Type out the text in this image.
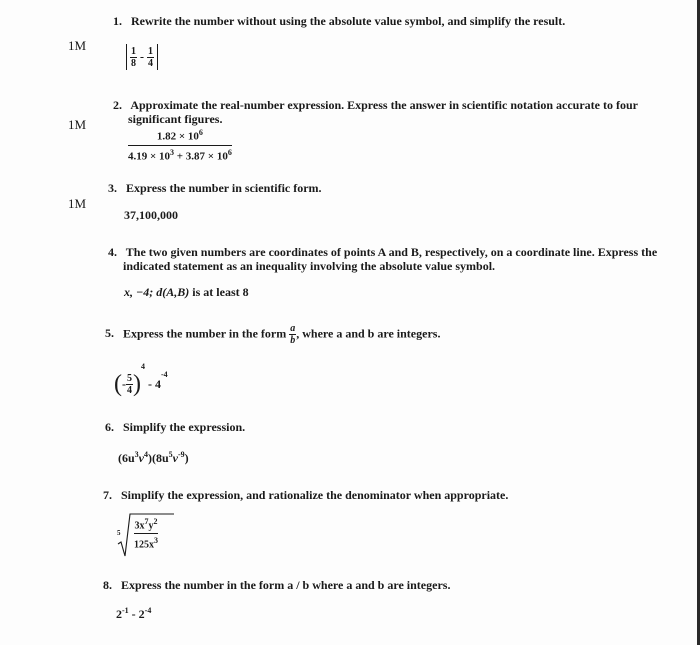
1M
1M
1M
1. Rewrite the number without using the absolute value symbol, and simplify the result.

$\frac{1}{8} - \frac{1}{4}$

2. Approximate the real-number expression. Express the answer in scientific notation accurate to four
significant figures.
$\frac{1.82 \times 10^6}{4.19 \times 10^3 + 3.87 \times 10^6}$
3. Express the number in scientific form.
37,100,000
4. The two given numbers are coordinates of points A and B, respectively, on a coordinate line. Express the
indicated statement as an inequality involving the absolute value symbol.
x, −4; d(A,B) is at least 8
5. Express the number in the form $\frac{a}{b}$ , where a and b are integers.
(- $\frac{5}{4} )^4 - 4^{-4}$
6. Simplify the expression.
$(6u^3v^4)(8u^5v^{-9})$
7. Simplify the expression, and rationalize the denominator when appropriate.
5
$3x^7y^2$
$125x^3$
8. Express the number in the form a / b where a and b are integers.
$2^{-1} - 2^{-4}$
